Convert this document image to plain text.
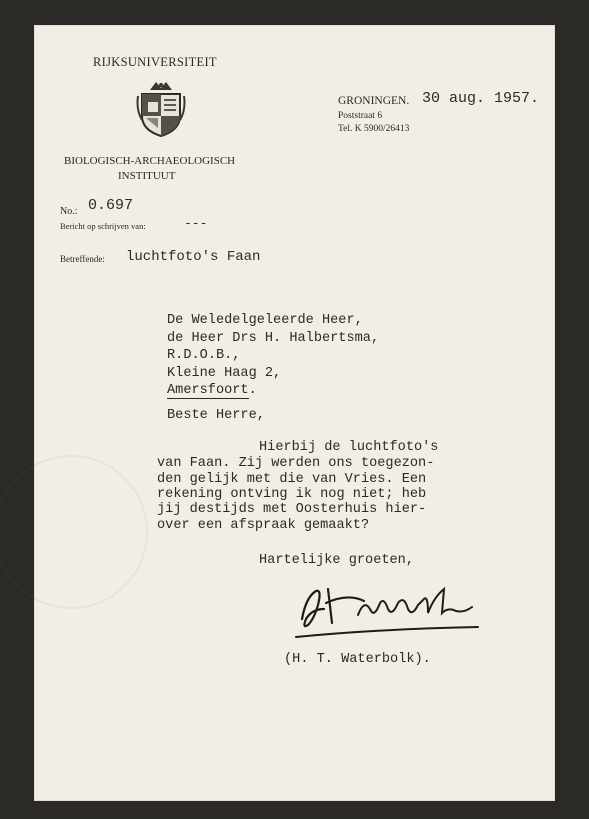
RIJKSUNIVERSITEIT
BIOLOGISCH-ARCHAEOLOGISCH
INSTITUUT
GRONINGEN. 30 aug. 1957.
Poststraat 6
Tel. K 5900/26413
No.: 0.697
Bericht op schrijven van:	---
Betreffende: luchtfoto's Faan
De Weledelgeleerde Heer,
de Heer Drs H. Halbertsma,
R.D.O.B.,
Kleine Haag 2,
Amersfoort.
Beste Herre,
Hierbij de luchtfoto's
van Faan. Zij werden ons toegezon-
den gelijk met die van Vries. Een
rekening ontving ik nog niet; heb
jij destijds met Oosterhuis hier-
over een afspraak gemaakt?
Hartelijke groeten,
(H. T. Waterbolk).
